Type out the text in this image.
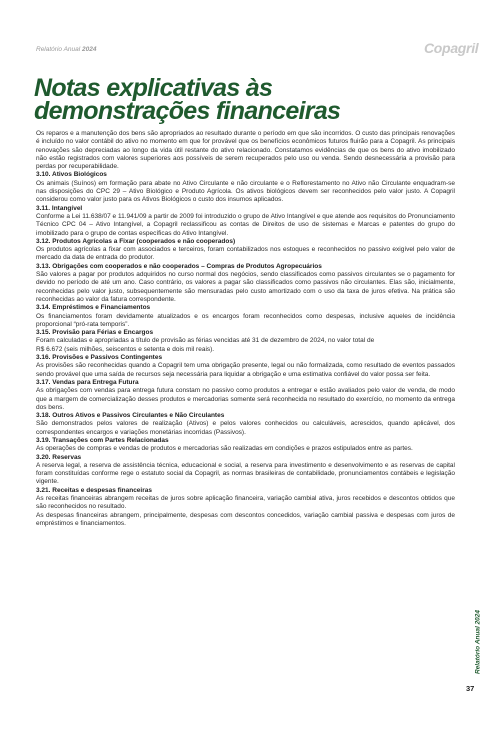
Relatório Anual 2024	Copagril
Notas explicativas às demonstrações financeiras

Os reparos e a manutenção dos bens são apropriados ao resultado durante o período em que são incorridos. O custo das principais renovações é incluído no valor contábil do ativo no momento em que for provável que os benefícios econômicos futuros fluirão para a Copagril. As principais renovações são depreciadas ao longo da vida útil restante do ativo relacionado. Constatamos evidências de que os bens do ativo imobilizado não estão registrados com valores superiores aos possíveis de serem recuperados pelo uso ou venda. Sendo desnecessária a provisão para perdas por recuperabilidade.

3.10. Ativos Biológicos

Os animais (Suínos) em formação para abate no Ativo Circulante e não circulante e o Reflorestamento no Ativo não Circulante enquadram-se nas disposições do CPC 29 – Ativo Biológico e Produto Agrícola. Os ativos biológicos devem ser reconhecidos pelo valor justo. A Copagril considerou como valor justo para os Ativos Biológicos o custo dos insumos aplicados.

3.11. Intangível

Conforme a Lei 11.638/07 e 11.941/09 a partir de 2009 foi introduzido o grupo de Ativo Intangível e que atende aos requisitos do Pronunciamento Técnico CPC 04 – Ativo Intangível, a Copagril reclassificou as contas de Direitos de uso de sistemas e Marcas e patentes do grupo do imobilizado para o grupo de contas específicas do Ativo Intangível.

3.12. Produtos Agrícolas a Fixar (cooperados e não cooperados)

Os produtos agrícolas a fixar com associados e terceiros, foram contabilizados nos estoques e reconhecidos no passivo exigível pelo valor de mercado da data de entrada do produtor.

3.13. Obrigações com cooperados e não cooperados – Compras de Produtos Agropecuários

São valores a pagar por produtos adquiridos no curso normal dos negócios, sendo classificados como passivos circulantes se o pagamento for devido no período de até um ano. Caso contrário, os valores a pagar são classificados como passivos não circulantes. Elas são, inicialmente, reconhecidas pelo valor justo, subsequentemente são mensuradas pelo custo amortizado com o uso da taxa de juros efetiva. Na prática são reconhecidas ao valor da fatura correspondente.

3.14. Empréstimos e Financiamentos

Os financiamentos foram devidamente atualizados e os encargos foram reconhecidos como despesas, inclusive aqueles de incidência proporcional “pró-rata temporis”.

3.15. Provisão para Férias e Encargos

Foram calculadas e apropriadas a título de provisão as férias vencidas até 31 de dezembro de 2024, no valor total de

R$ 6.672 (seis milhões, seiscentos e setenta e dois mil reais).

3.16. Provisões e Passivos Contingentes

As provisões são reconhecidas quando a Copagril tem uma obrigação presente, legal ou não formalizada, como resultado de eventos passados sendo provável que uma saída de recursos seja necessária para liquidar a obrigação e uma estimativa confiável do valor possa ser feita.

3.17. Vendas para Entrega Futura

As obrigações com vendas para entrega futura constam no passivo como produtos a entregar e estão avaliados pelo valor de venda, de modo que a margem de comercialização desses produtos e mercadorias somente será reconhecida no resultado do exercício, no momento da entrega dos bens.

3.18. Outros Ativos e Passivos Circulantes e Não Circulantes

São demonstrados pelos valores de realização (Ativos) e pelos valores conhecidos ou calculáveis, acrescidos, quando aplicável, dos correspondentes encargos e variações monetárias incorridas (Passivos).

3.19. Transações com Partes Relacionadas

As operações de compras e vendas de produtos e mercadorias são realizadas em condições e prazos estipulados entre as partes.

3.20. Reservas

A reserva legal, a reserva de assistência técnica, educacional e social, a reserva para investimento e desenvolvimento e as reservas de capital foram constituídas conforme rege o estatuto social da Copagril, as normas brasileiras de contabilidade, pronunciamentos contábeis e legislação vigente.

3.21. Receitas e despesas financeiras

As receitas financeiras abrangem receitas de juros sobre aplicação financeira, variação cambial ativa, juros recebidos e descontos obtidos que são reconhecidos no resultado.

As despesas financeiras abrangem, principalmente, despesas com descontos concedidos, variação cambial passiva e despesas com juros de empréstimos e financiamentos.

Relatório Anual 2024
37
